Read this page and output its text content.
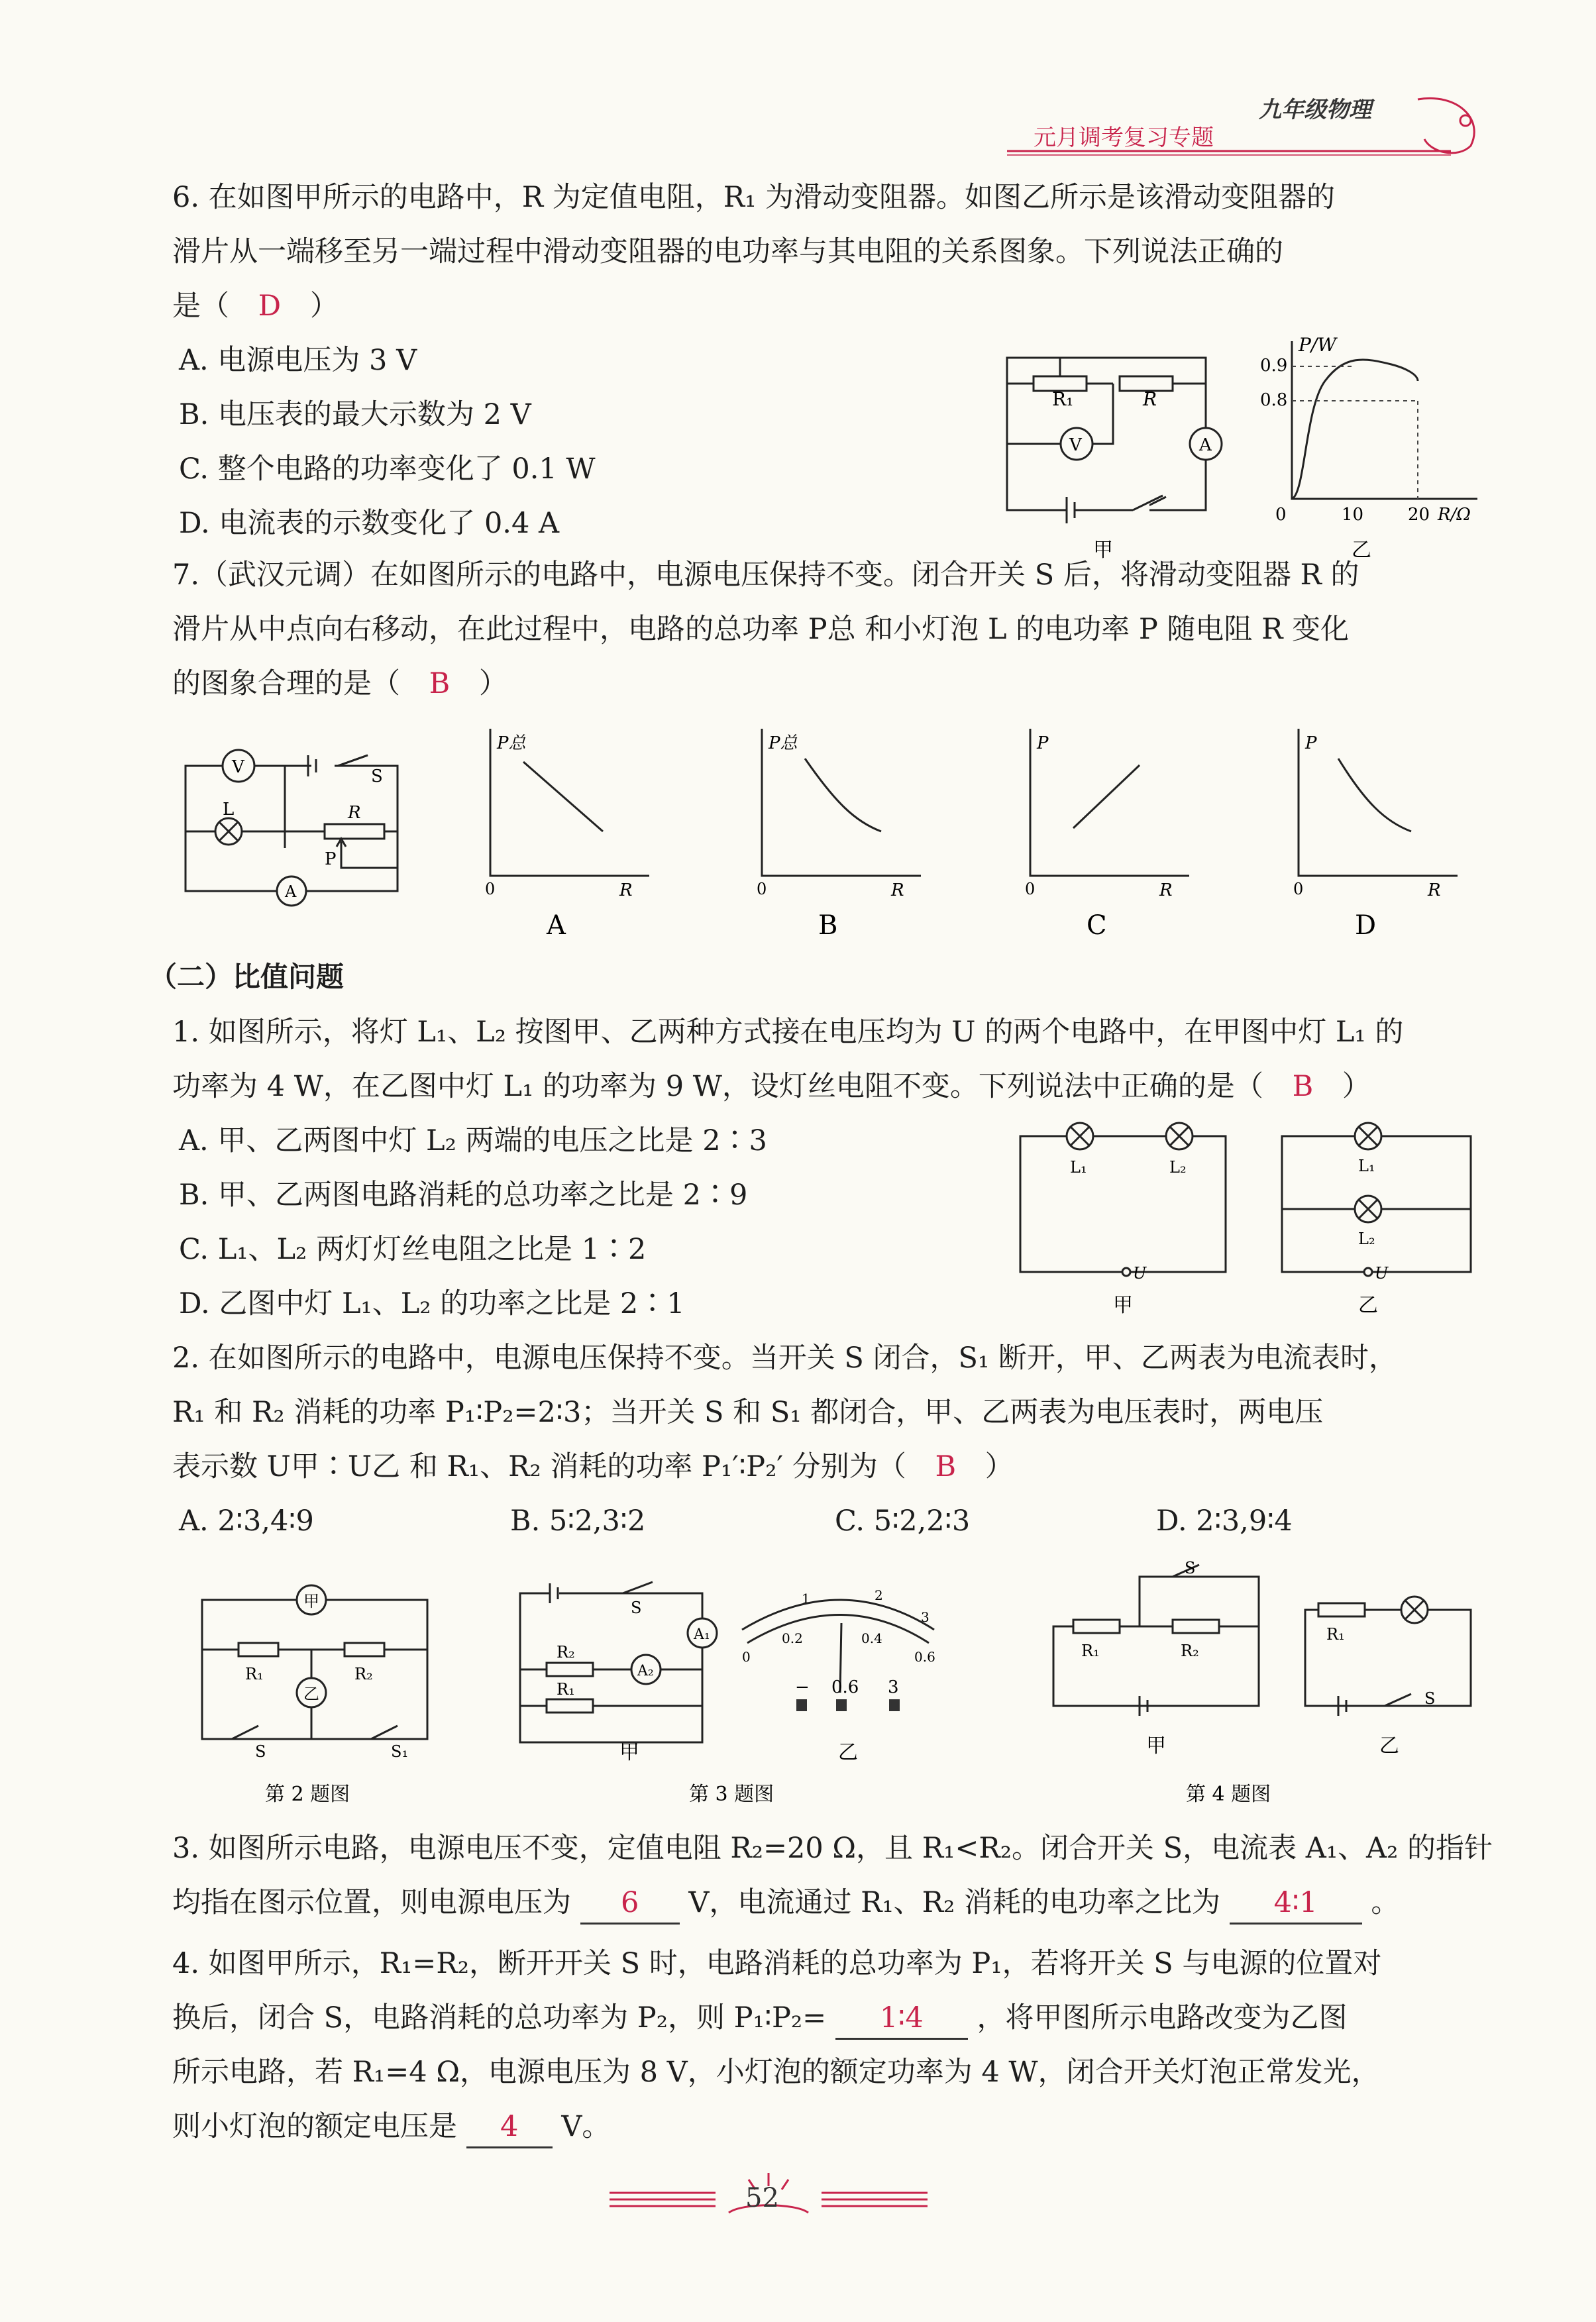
九年级物理
元月调考复习专题
6. 在如图甲所示的电路中，R 为定值电阻，R₁ 为滑动变阻器。如图乙所示是该滑动变阻器的
滑片从一端移至另一端过程中滑动变阻器的电功率与其电阻的关系图象。下列说法正确的
是（ D ）
A. 电源电压为 3 V
B. 电压表的最大示数为 2 V
C. 整个电路的功率变化了 0.1 W
D. 电流表的示数变化了 0.4 A
R₁	R
V	A
甲
P/W
0.9
0.8
0	10	20 R/Ω
乙
7.（武汉元调）在如图所示的电路中，电源电压保持不变。闭合开关 S 后，将滑动变阻器 R 的
滑片从中点向右移动，在此过程中，电路的总功率 P总 和小灯泡 L 的电功率 P 随电阻 R 变化
的图象合理的是（ B ）
V	S
L	R
P
A
P总	P总	P	P
R	R	R	R
0	0	0	0
A	B	C	D
（二）比值问题
1. 如图所示，将灯 L₁、L₂ 按图甲、乙两种方式接在电压均为 U 的两个电路中，在甲图中灯 L₁ 的
功率为 4 W，在乙图中灯 L₁ 的功率为 9 W，设灯丝电阻不变。下列说法中正确的是（ B ）
A. 甲、乙两图中灯 L₂ 两端的电压之比是 2∶3
B. 甲、乙两图电路消耗的总功率之比是 2∶9
C. L₁、L₂ 两灯灯丝电阻之比是 1∶2
D. 乙图中灯 L₁、L₂ 的功率之比是 2∶1
L₁	L₂
U
甲
L₁
L₂
U
乙
2. 在如图所示的电路中，电源电压保持不变。当开关 S 闭合，S₁ 断开，甲、乙两表为电流表时，
R₁ 和 R₂ 消耗的功率 P₁∶P₂=2∶3；当开关 S 和 S₁ 都闭合，甲、乙两表为电压表时，两电压
表示数 U甲∶U乙 和 R₁、R₂ 消耗的功率 P₁′∶P₂′ 分别为（ B ）
A. 2∶3,4∶9	B. 5∶2,3∶2	C. 5∶2,2∶3	D. 2∶3,9∶4
甲
乙
R₁	R₂
S	S₁
第 2 题图
S
A₁
A₂
R₂
R₁
甲
0
1	2
3
0.2	0.4
0.6
− 0.6 3
乙
第 3 题图
S
R₁	R₂
甲
R₁
S
乙
第 4 题图
3. 如图所示电路，电源电压不变，定值电阻 R₂=20 Ω，且 R₁<R₂。闭合开关 S，电流表 A₁、A₂ 的指针
均指在图示位置，则电源电压为 6 V，电流通过 R₁、R₂ 消耗的电功率之比为 4∶1 。
4. 如图甲所示，R₁=R₂，断开开关 S 时，电路消耗的总功率为 P₁，若将开关 S 与电源的位置对
换后，闭合 S，电路消耗的总功率为 P₂，则 P₁∶P₂= 1∶4 ，将甲图所示电路改变为乙图
所示电路，若 R₁=4 Ω，电源电压为 8 V，小灯泡的额定功率为 4 W，闭合开关灯泡正常发光，
则小灯泡的额定电压是 4 V。
52
